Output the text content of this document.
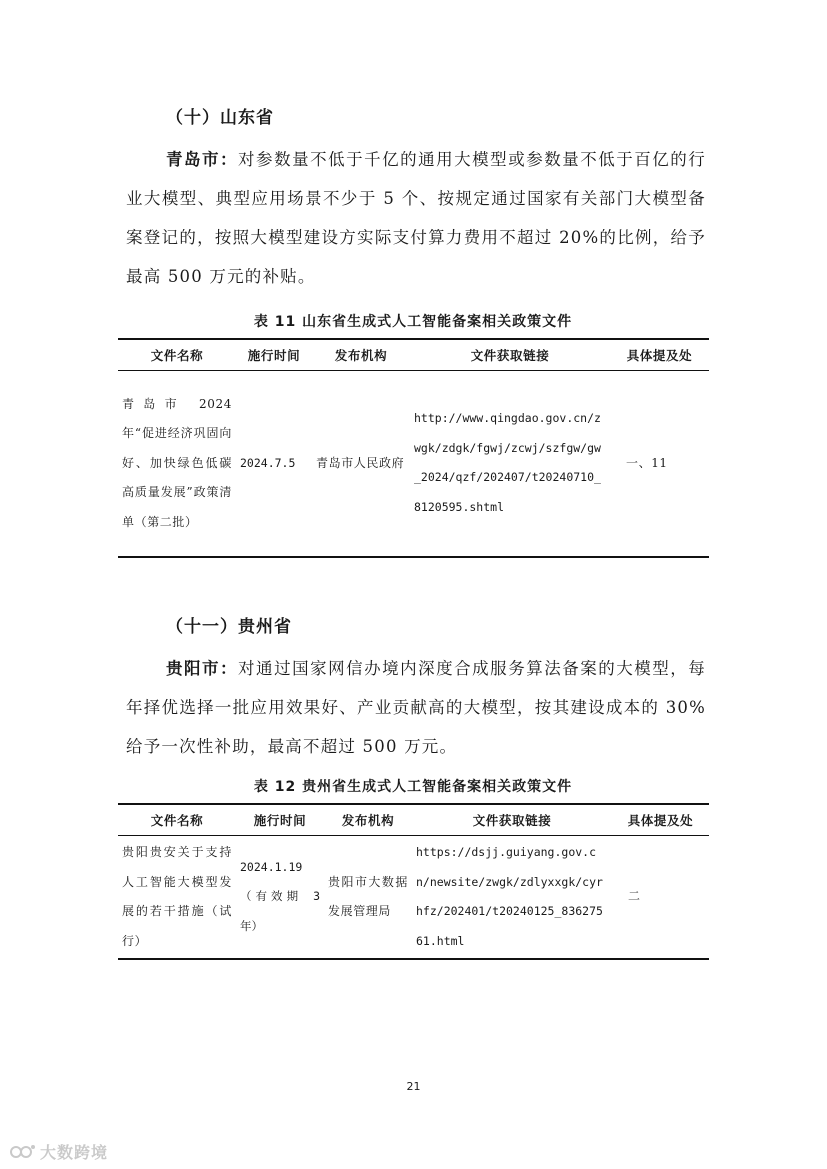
（十）山东省

青岛市：对参数量不低于千亿的通用大模型或参数量不低于百亿的行业大模型、典型应用场景不少于 5 个、按规定通过国家有关部门大模型备案登记的，按照大模型建设方实际支付算力费用不超过 20%的比例，给予最高 500 万元的补贴。

表 11 山东省生成式人工智能备案相关政策文件
文件名称	施行时间	发布机构	文件获取链接	具体提及处
青岛市 2024 年“促进经济巩固向好、加快绿色低碳高质量发展”政策清单（第二批）	2024.7.5	青岛市人民政府	http://www.qingdao.gov.cn/zwgk/zdgk/fgwj/zcwj/szfgw/gw_2024/qzf/202407/t20240710_8120595.shtml	一、11
（十一）贵州省

贵阳市：对通过国家网信办境内深度合成服务算法备案的大模型，每年择优选择一批应用效果好、产业贡献高的大模型，按其建设成本的 30%给予一次性补助，最高不超过 500 万元。

表 12 贵州省生成式人工智能备案相关政策文件
文件名称	施行时间	发布机构	文件获取链接	具体提及处
贵阳贵安关于支持人工智能大模型发展的若干措施（试行）	2024.1.19（有效期 3 年）	贵阳市大数据发展管理局	https://dsjj.guiyang.gov.cn/newsite/zwgk/zdlyxxgk/cyrhfz/202401/t20240125_83627561.html	二
21
大数跨境
